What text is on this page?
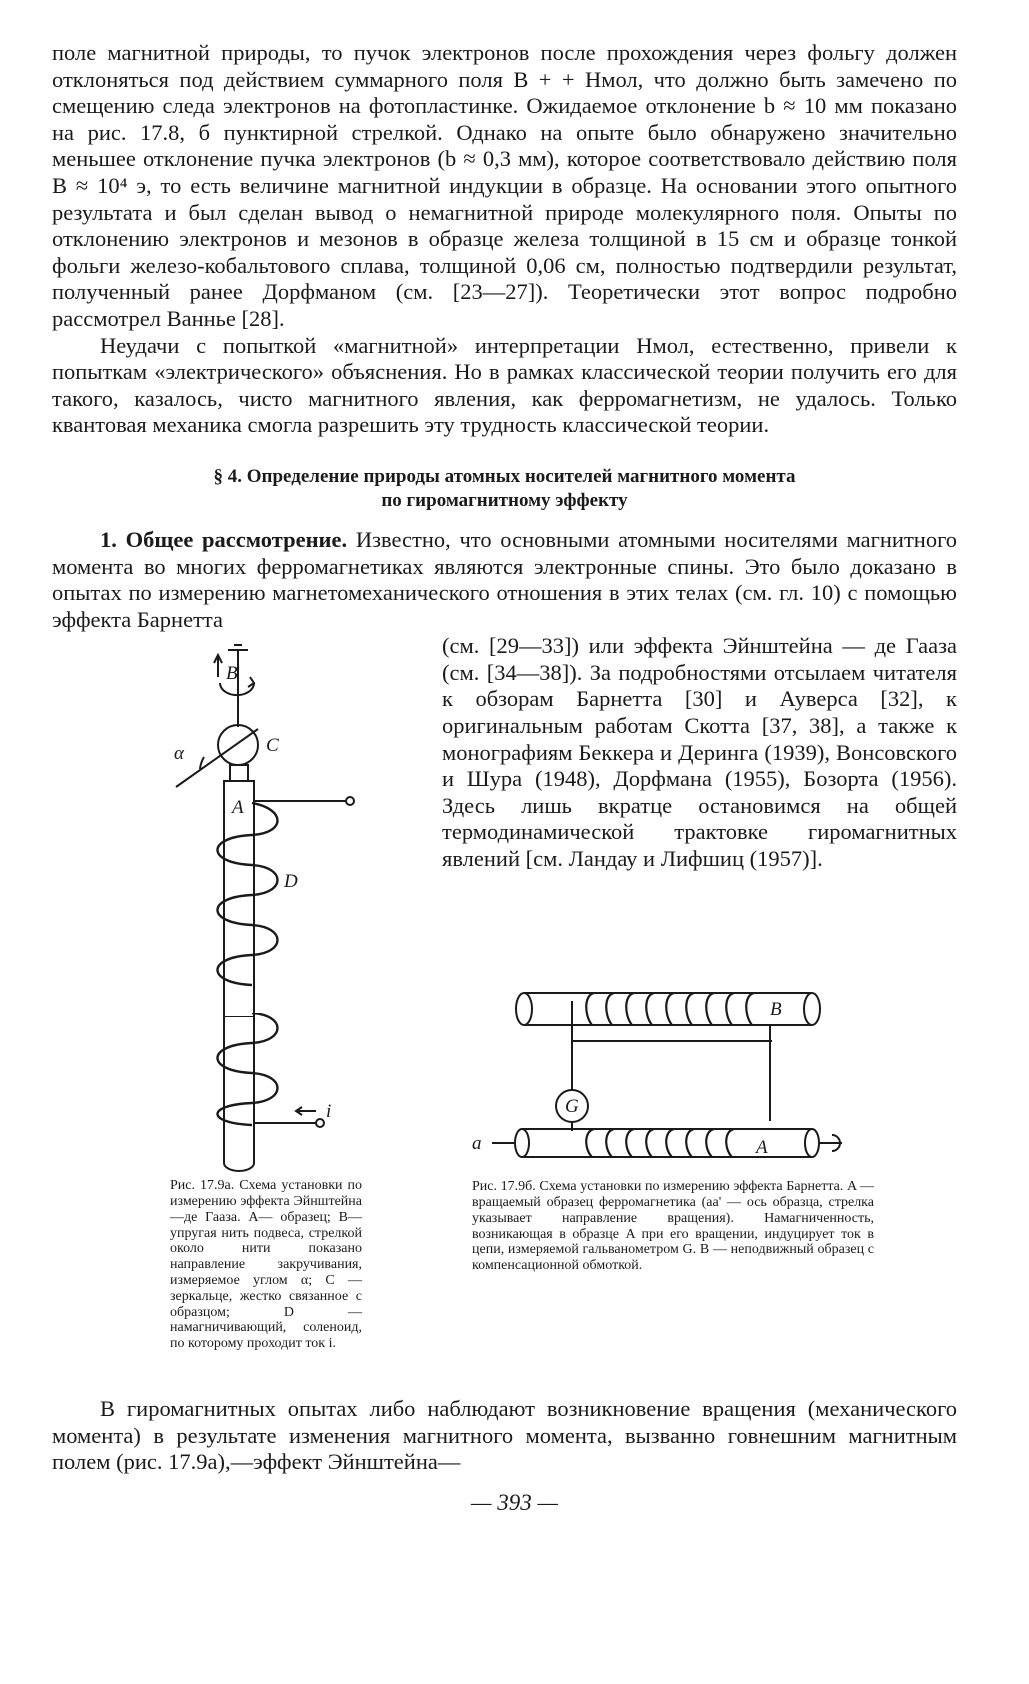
поле магнитной природы, то пучок электронов после прохождения через фольгу должен отклоняться под действием суммарного поля B + + Hмол, что должно быть замечено по смещению следа электронов на фотопластинке. Ожидаемое отклонение b ≈ 10 мм показано на рис. 17.8, б пунктирной стрелкой. Однако на опыте было обнаружено значительно меньшее отклонение пучка электронов (b ≈ 0,3 мм), которое соответствовало действию поля B ≈ 10⁴ э, то есть величине магнитной индукции в образце. На основании этого опытного результата и был сделан вывод о немагнитной природе молекулярного поля. Опыты по отклонению электронов и мезонов в образце железа толщиной в 15 см и образце тонкой фольги железо-кобальтового сплава, толщиной 0,06 см, полностью подтвердили результат, полученный ранее Дорфманом (см. [23—27]). Теоретически этот вопрос подробно рассмотрел Ваннье [28].

Неудачи с попыткой «магнитной» интерпретации Hмол, естественно, привели к попыткам «электрического» объяснения. Но в рамках классической теории получить его для такого, казалось, чисто магнитного явления, как ферромагнетизм, не удалось. Только квантовая механика смогла разрешить эту трудность классической теории.

§ 4. Определение природы атомных носителей магнитного момента
по гиромагнитному эффекту

1. Общее рассмотрение. Известно, что основными атомными носителями магнитного момента во многих ферромагнетиках являются электронные спины. Это было доказано в опытах по измерению магнетомеханического отношения в этих телах (см. гл. 10) с помощью эффекта Барнетта

B
C
α
A
D

(см. [29—33]) или эффекта Эйнштейна — де Гааза (см. [34—38]). За подробностями отсылаем читателя к обзорам Барнетта [30] и Ауверса [32], к оригинальным работам Скотта [37, 38], а также к монографиям Беккера и Деринга (1939), Вонсовского и Шура (1948), Дорфмана (1955), Бозорта (1956). Здесь лишь вкратце остановимся на общей термодинамической трактовке гиромагнитных явлений [см. Ландау и Лифшиц (1957)].

i
B
G
A
a
Рис. 17.9а. Схема установки по измерению эффекта Эйнштейна—де Гааза. A— образец; B—упругая нить подвеса, стрелкой около нити показано направление закручивания, измеряемое углом α; C — зеркальце, жестко связанное с образцом; D — намагничивающий, соленоид, по которому проходит ток i.
Рис. 17.9б. Схема установки по измерению эффекта Барнетта. A — вращаемый образец ферромагнетика (aa' — ось образца, стрелка указывает направление вращения). Намагниченность, возникающая в образце A при его вращении, индуцирует ток в цепи, измеряемой гальванометром G. B — неподвижный образец с компенсационной обмоткой.

В гиромагнитных опытах либо наблюдают возникновение вращения (механического момента) в результате изменения магнитного момента, вызванно говнешним магнитным полем (рис. 17.9а),—эффект Эйнштейна—

— 393 —
